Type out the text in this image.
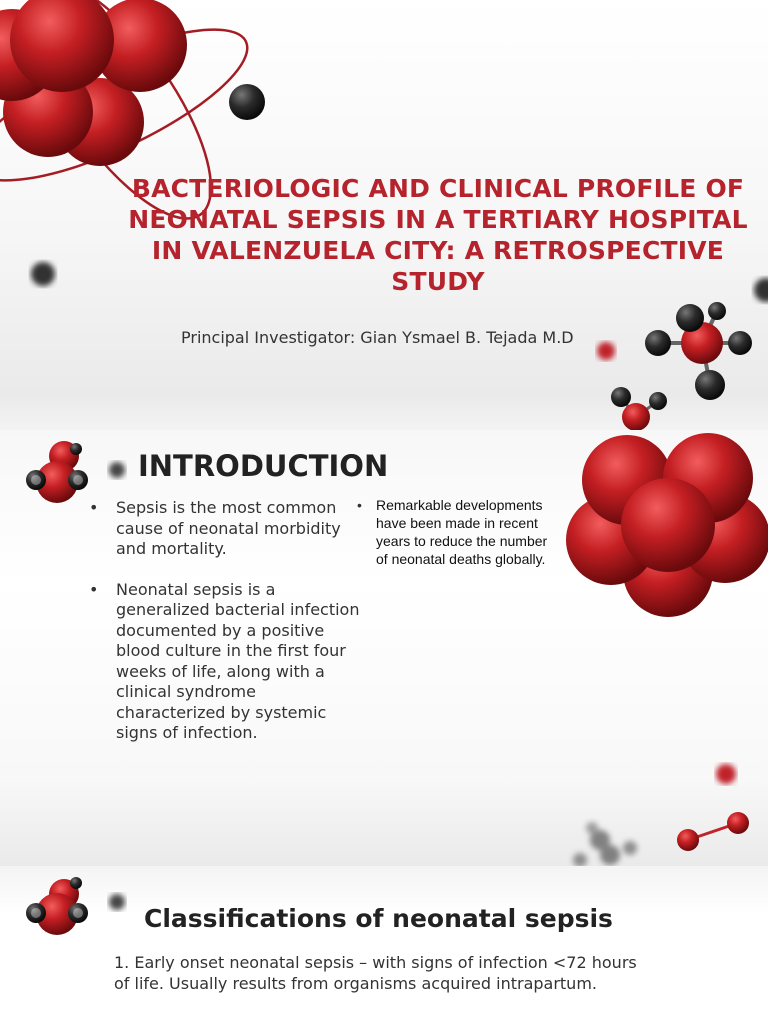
BACTERIOLOGIC AND CLINICAL PROFILE OF NEONATAL SEPSIS IN A TERTIARY HOSPITAL IN VALENZUELA CITY: A RETROSPECTIVE STUDY
Principal Investigator: Gian Ysmael B. Tejada M.D
INTRODUCTION
• Sepsis is the most common cause of neonatal morbidity and mortality.
• Neonatal sepsis is a generalized bacterial infection documented by a positive blood culture in the first four weeks of life, along with a clinical syndrome characterized by systemic signs of infection.
• Remarkable developments have been made in recent years to reduce the number of neonatal deaths globally.
Classifications of neonatal sepsis

1. Early onset neonatal sepsis – with signs of infection <72 hours of life. Usually results from organisms acquired intrapartum.
